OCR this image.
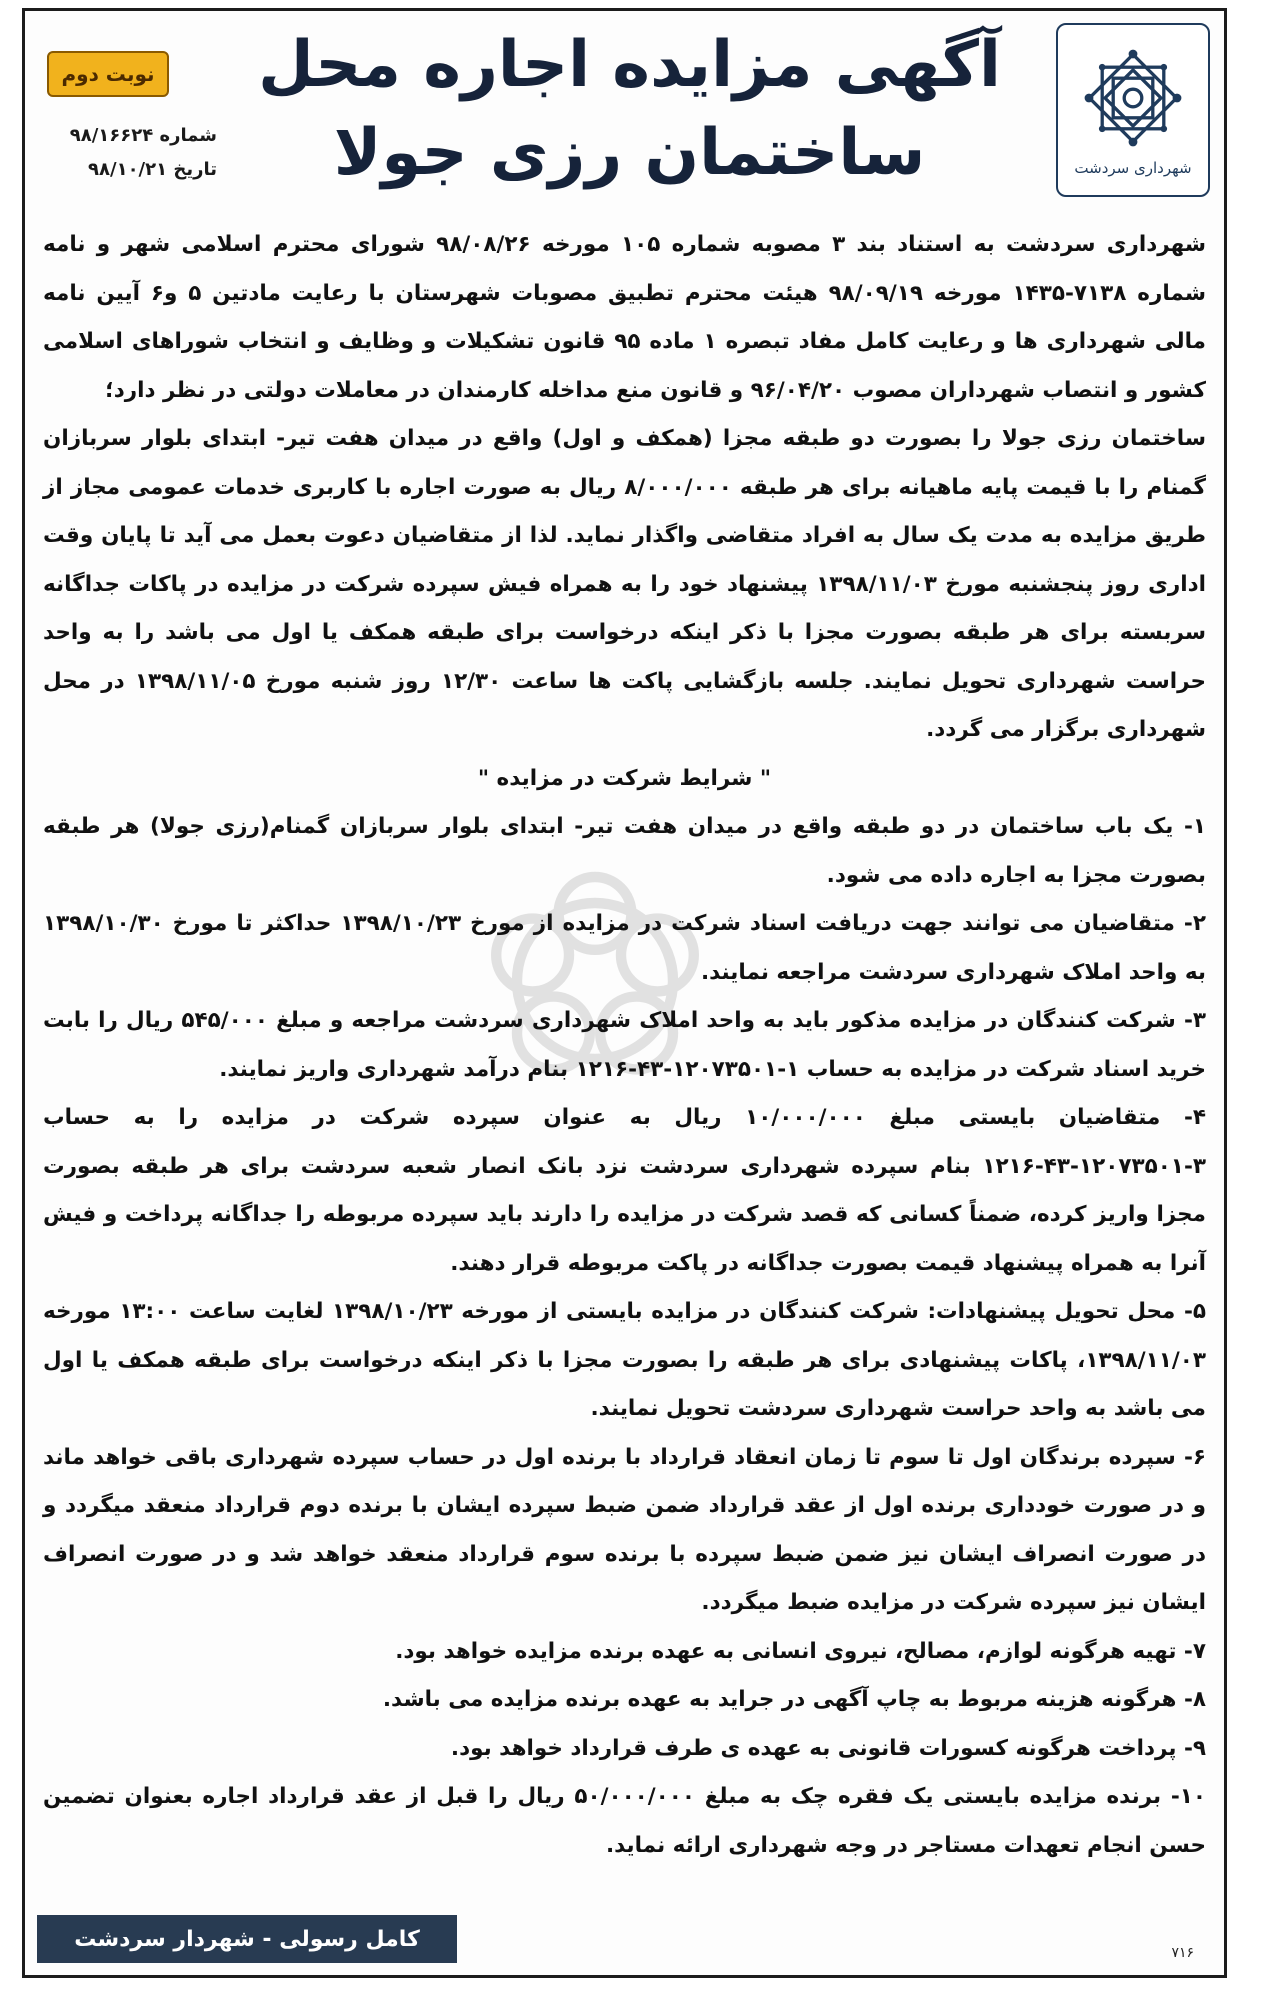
شهرداری سردشت
آگهی مزایده اجاره محل
ساختمان رزی جولا
نوبت دوم
شماره ۹۸/۱۶۶۲۴
تاریخ ۹۸/۱۰/۲۱

شهرداری سردشت به استناد بند ۳ مصوبه شماره ۱۰۵ مورخه ۹۸/۰۸/۲۶ شورای محترم اسلامی شهر و نامه شماره ۷۱۳۸-۱۴۳۵ مورخه ۹۸/۰۹/۱۹ هیئت محترم تطبیق مصوبات شهرستان با رعایت مادتین ۵ و۶ آیین نامه مالی شهرداری ها و رعایت کامل مفاد تبصره ۱ ماده ۹۵ قانون تشکیلات و وظایف و انتخاب شوراهای اسلامی کشور و انتصاب شهرداران مصوب ۹۶/۰۴/۲۰ و قانون منع مداخله کارمندان در معاملات دولتی در نظر دارد؛

ساختمان رزی جولا را بصورت دو طبقه مجزا (همکف و اول) واقع در میدان هفت تیر- ابتدای بلوار سربازان گمنام را با قیمت پایه ماهیانه برای هر طبقه ۸/۰۰۰/۰۰۰ ریال به صورت اجاره با کاربری خدمات عمومی مجاز از طریق مزایده به مدت یک سال به افراد متقاضی واگذار نماید. لذا از متقاضیان دعوت بعمل می آید تا پایان وقت اداری روز پنجشنبه مورخ ۱۳۹۸/۱۱/۰۳ پیشنهاد خود را به همراه فیش سپرده شرکت در مزایده در پاکات جداگانه سربسته برای هر طبقه بصورت مجزا با ذکر اینکه درخواست برای طبقه همکف یا اول می باشد را به واحد حراست شهرداری تحویل نمایند. جلسه بازگشایی پاکت ها ساعت ۱۲/۳۰ روز شنبه مورخ ۱۳۹۸/۱۱/۰۵ در محل شهرداری برگزار می گردد.

" شرایط شرکت در مزایده "

۱- یک باب ساختمان در دو طبقه واقع در میدان هفت تیر- ابتدای بلوار سربازان گمنام(رزی جولا) هر طبقه بصورت مجزا به اجاره داده می شود.

۲- متقاضیان می توانند جهت دریافت اسناد شرکت در مزایده از مورخ ۱۳۹۸/۱۰/۲۳ حداکثر تا مورخ ۱۳۹۸/۱۰/۳۰ به واحد املاک شهرداری سردشت مراجعه نمایند.

۳- شرکت کنندگان در مزایده مذکور باید به واحد املاک شهرداری سردشت مراجعه و مبلغ ۵۴۵/۰۰۰ ریال را بابت خرید اسناد شرکت در مزایده به حساب ۱-۱۲۰۷۳۵۰۱-۴۳-۱۲۱۶ بنام درآمد شهرداری واریز نمایند.

۴- متقاضیان بایستی مبلغ ۱۰/۰۰۰/۰۰۰ ریال به عنوان سپرده شرکت در مزایده را به حساب ۳-۱۲۰۷۳۵۰۱-۴۳-۱۲۱۶ بنام سپرده شهرداری سردشت نزد بانک انصار شعبه سردشت برای هر طبقه بصورت مجزا واریز کرده، ضمناً کسانی که قصد شرکت در مزایده را دارند باید سپرده مربوطه را جداگانه پرداخت و فیش آنرا به همراه پیشنهاد قیمت بصورت جداگانه در پاکت مربوطه قرار دهند.

۵- محل تحویل پیشنهادات: شرکت کنندگان در مزایده بایستی از مورخه ۱۳۹۸/۱۰/۲۳ لغایت ساعت ۱۳:۰۰ مورخه ۱۳۹۸/۱۱/۰۳، پاکات پیشنهادی برای هر طبقه را بصورت مجزا با ذکر اینکه درخواست برای طبقه همکف یا اول می باشد به واحد حراست شهرداری سردشت تحویل نمایند.

۶- سپرده برندگان اول تا سوم تا زمان انعقاد قرارداد با برنده اول در حساب سپرده شهرداری باقی خواهد ماند و در صورت خودداری برنده اول از عقد قرارداد ضمن ضبط سپرده ایشان با برنده دوم قرارداد منعقد میگردد و در صورت انصراف ایشان نیز ضمن ضبط سپرده با برنده سوم قرارداد منعقد خواهد شد و در صورت انصراف ایشان نیز سپرده شرکت در مزایده ضبط میگردد.

۷- تهیه هرگونه لوازم، مصالح، نیروی انسانی به عهده برنده مزایده خواهد بود.

۸- هرگونه هزینه مربوط به چاپ آگهی در جراید به عهده برنده مزایده می باشد.

۹- پرداخت هرگونه کسورات قانونی به عهده ی طرف قرارداد خواهد بود.

۱۰- برنده مزایده بایستی یک فقره چک به مبلغ ۵۰/۰۰۰/۰۰۰ ریال را قبل از عقد قرارداد اجاره بعنوان تضمین حسن انجام تعهدات مستاجر در وجه شهرداری ارائه نماید.

کامل رسولی - شهردار سردشت
۷۱۶
